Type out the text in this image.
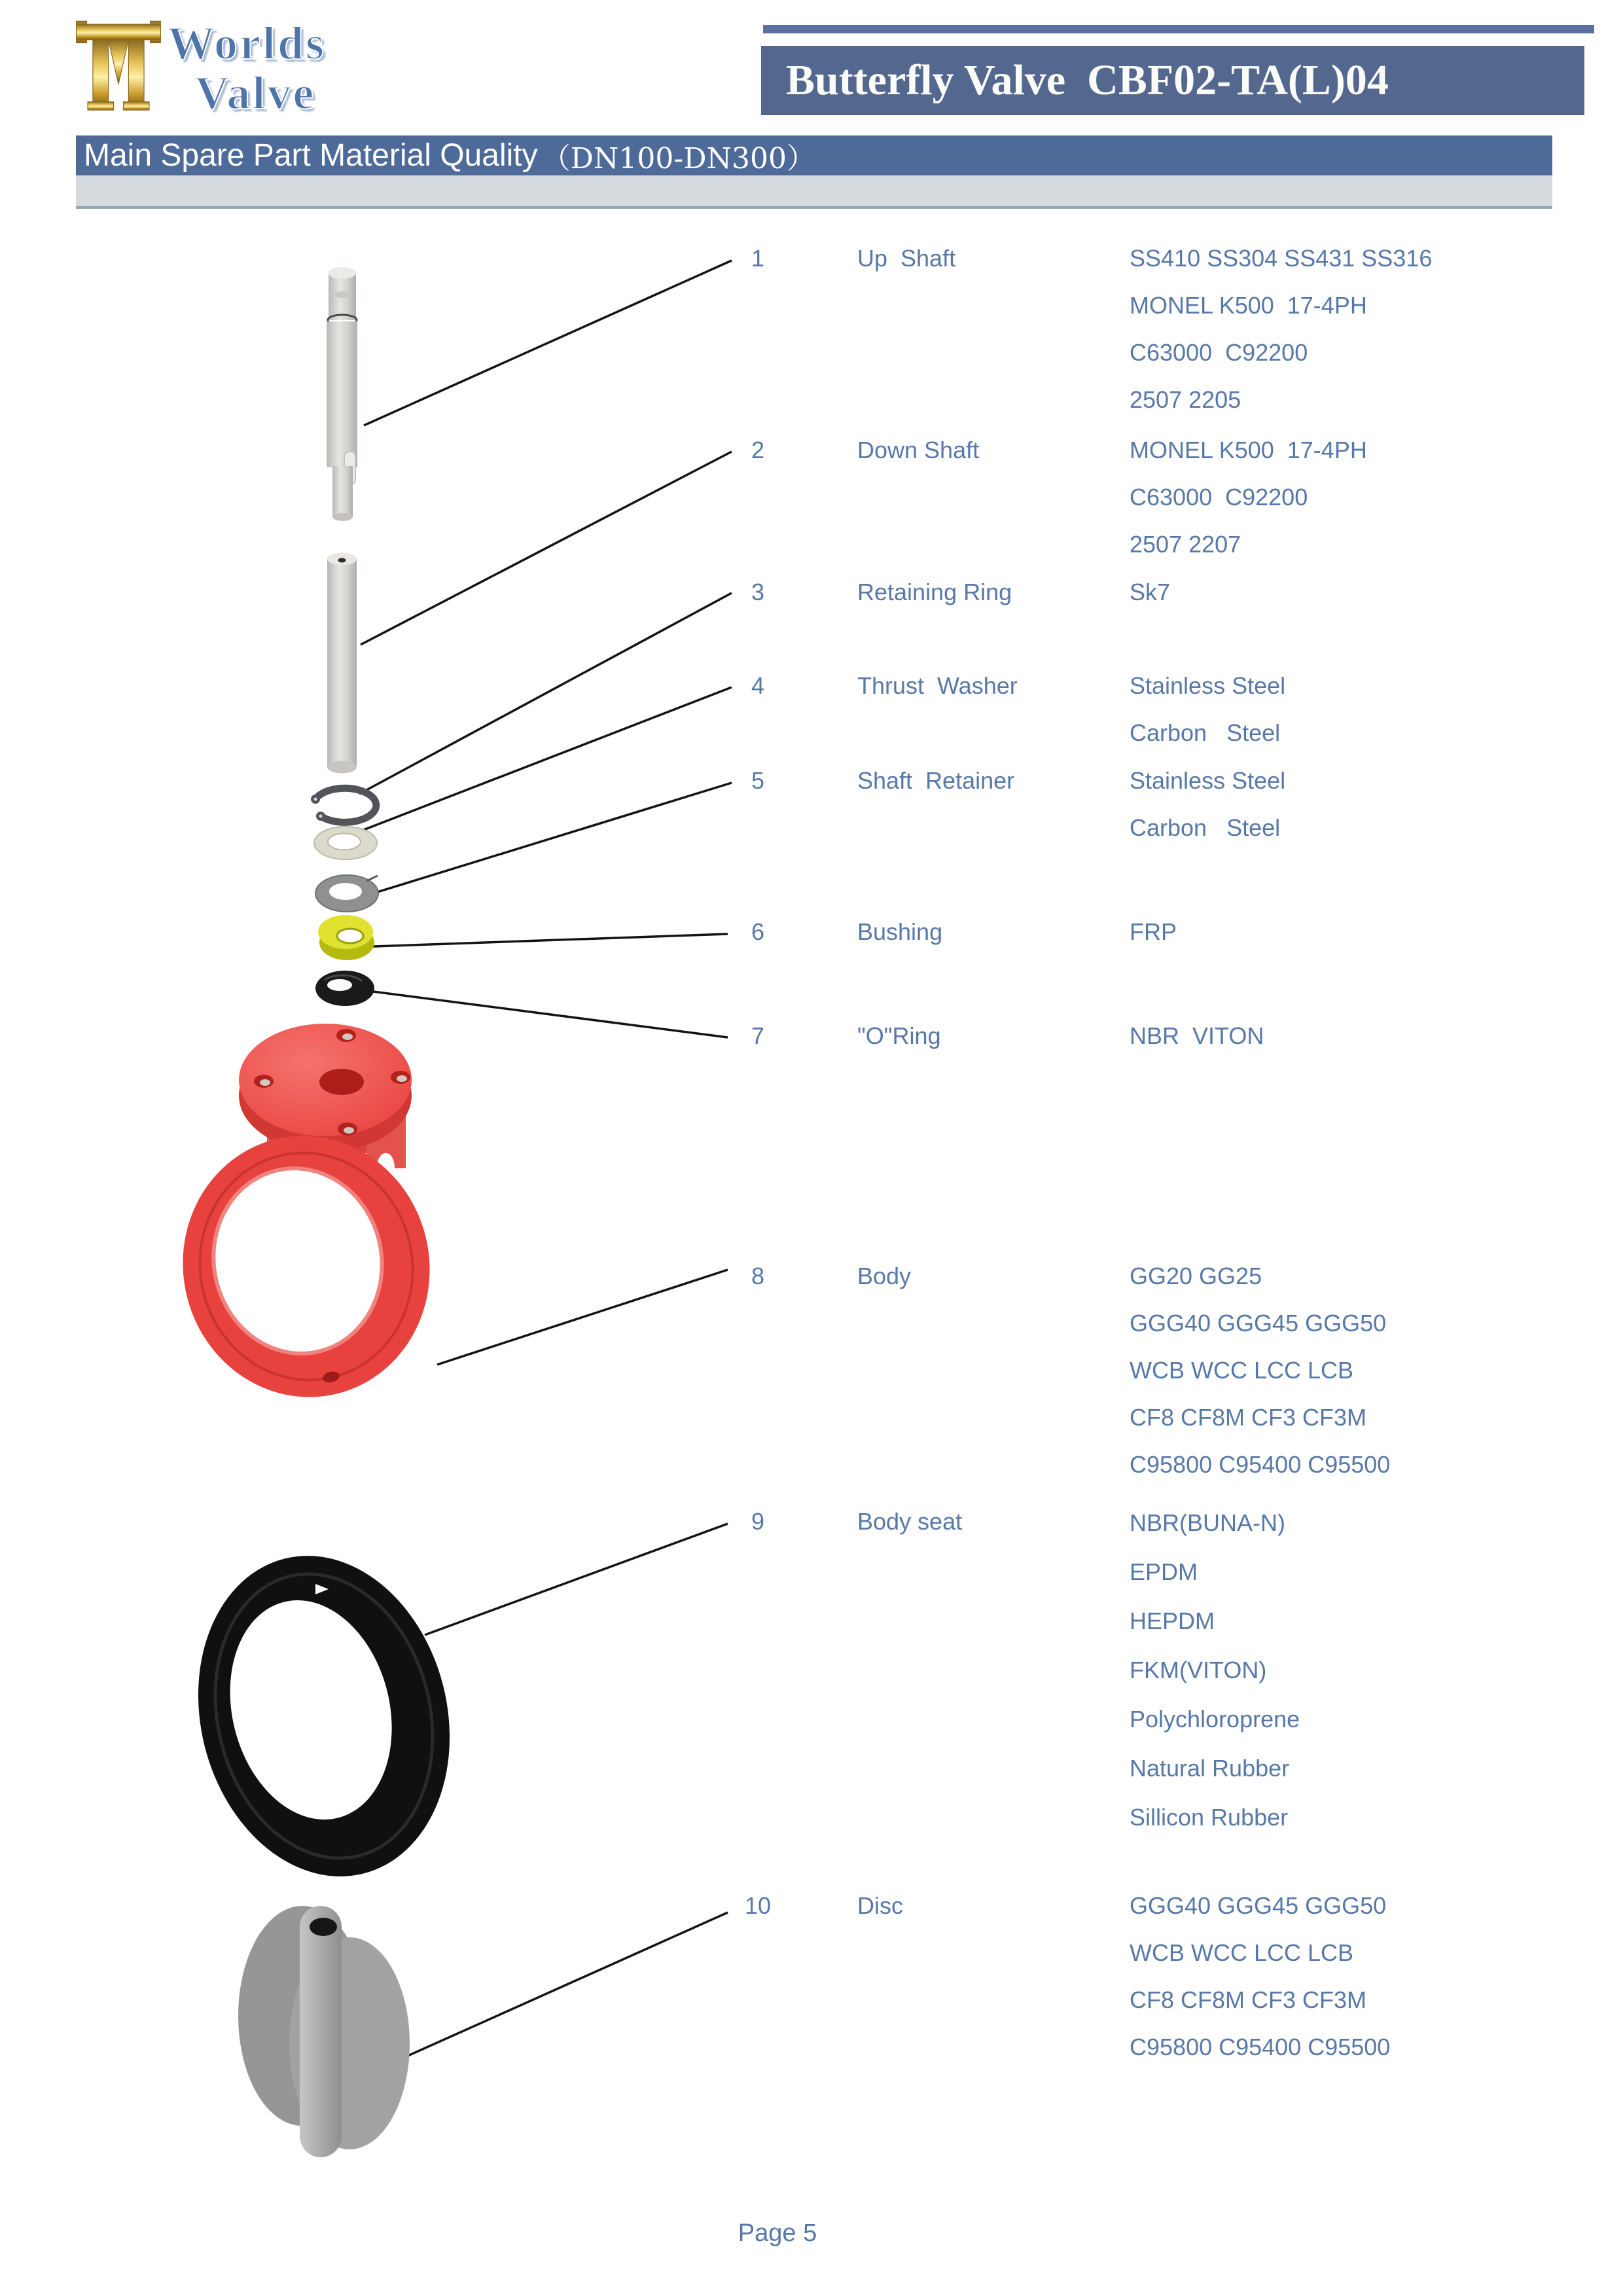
Worlds
Valve	Butterfly Valve  CBF02-TA(L)04
Main Spare Part Material Quality （DN100-DN300）
1	Up  Shaft	SS410 SS304 SS431 SS316
MONEL K500  17-4PH
C63000  C92200
2507 2205
2	Down Shaft	MONEL K500  17-4PH
C63000  C92200
2507 2207
3	Retaining Ring	Sk7
4	Thrust  Washer	Stainless Steel
Carbon   Steel
5	Shaft  Retainer	Stainless Steel
Carbon   Steel
6	Bushing	FRP
7	"O"Ring	NBR  VITON
8	Body	GG20 GG25
GGG40 GGG45 GGG50
WCB WCC LCC LCB
CF8 CF8M CF3 CF3M
C95800 C95400 C95500
9	Body seat	NBR(BUNA-N)
EPDM
HEPDM
FKM(VITON)
Polychloroprene
Natural Rubber
Sillicon Rubber
10	Disc	GGG40 GGG45 GGG50
WCB WCC LCC LCB
CF8 CF8M CF3 CF3M
C95800 C95400 C95500
Page 5
